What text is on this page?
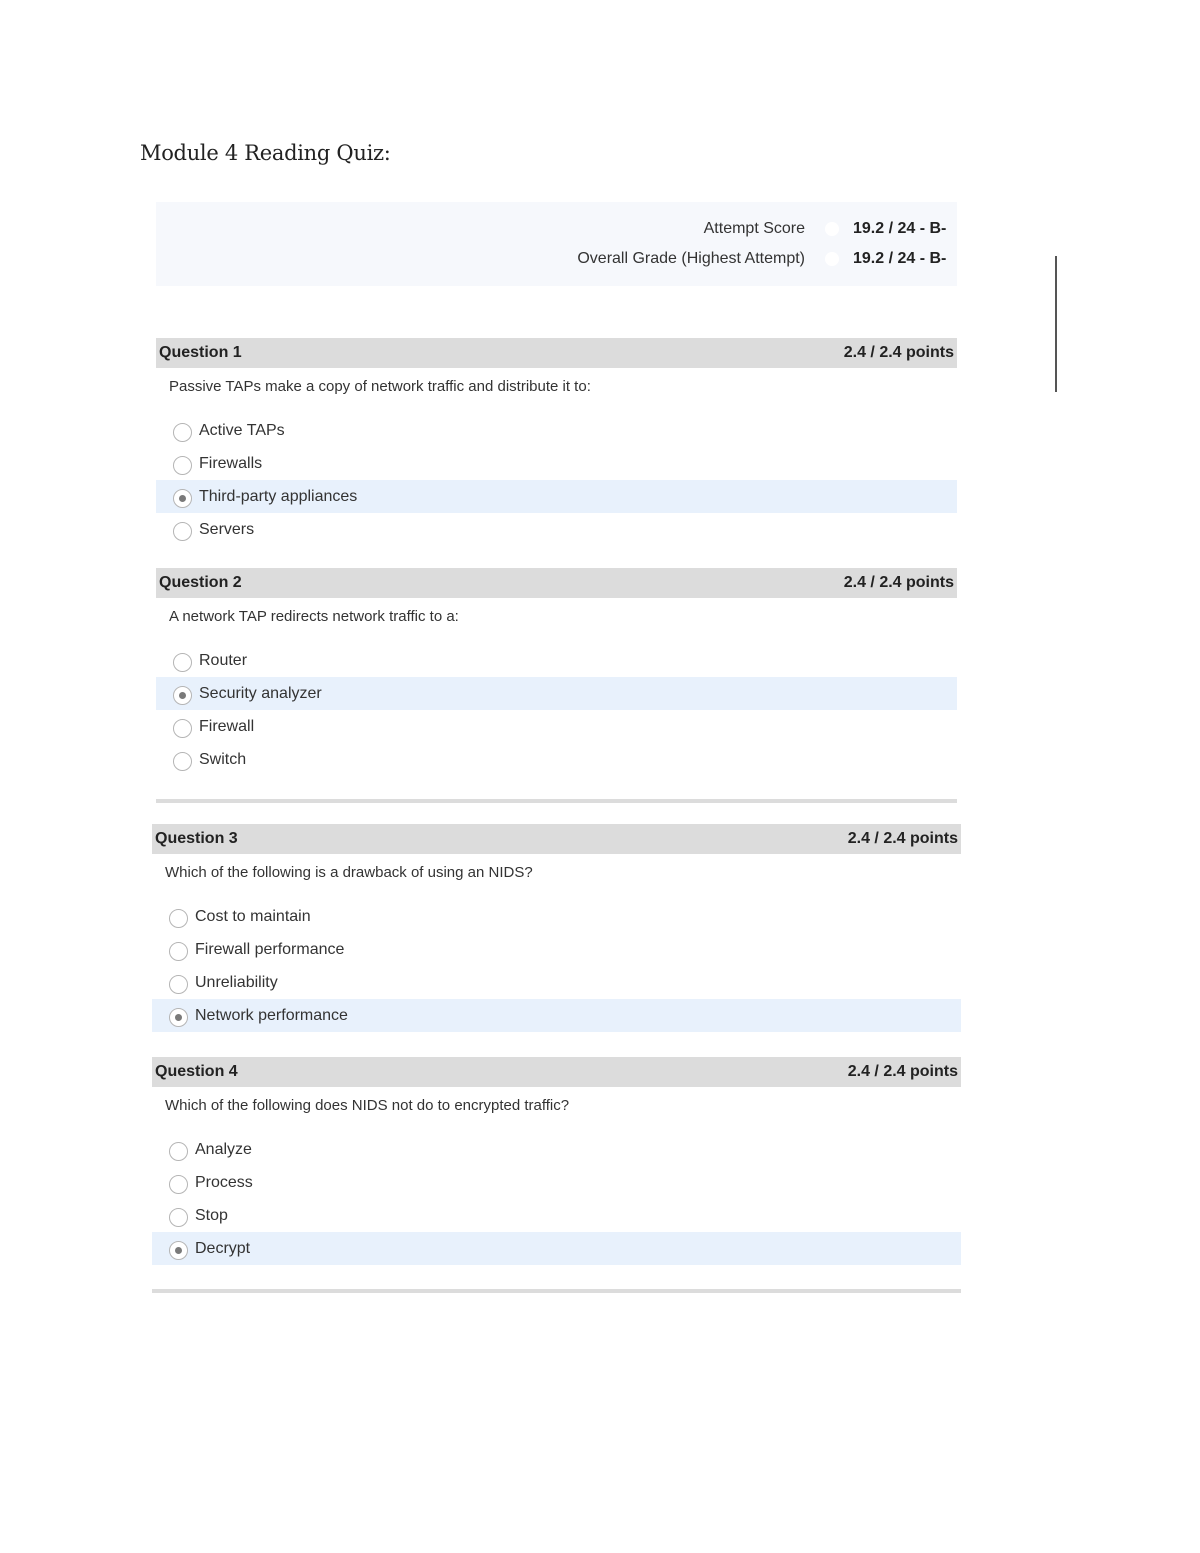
Module 4 Reading Quiz:
Attempt Score	19.2 / 24 - B-
Overall Grade (Highest Attempt)	19.2 / 24 - B-
Question 1	2.4 / 2.4 points
Passive TAPs make a copy of network traffic and distribute it to:
Active TAPs
Firewalls
Third-party appliances
Servers
Question 2	2.4 / 2.4 points
A network TAP redirects network traffic to a:
Router
Security analyzer
Firewall
Switch
Question 3	2.4 / 2.4 points
Which of the following is a drawback of using an NIDS?
Cost to maintain
Firewall performance
Unreliability
Network performance
Question 4	2.4 / 2.4 points
Which of the following does NIDS not do to encrypted traffic?
Analyze
Process
Stop
Decrypt
